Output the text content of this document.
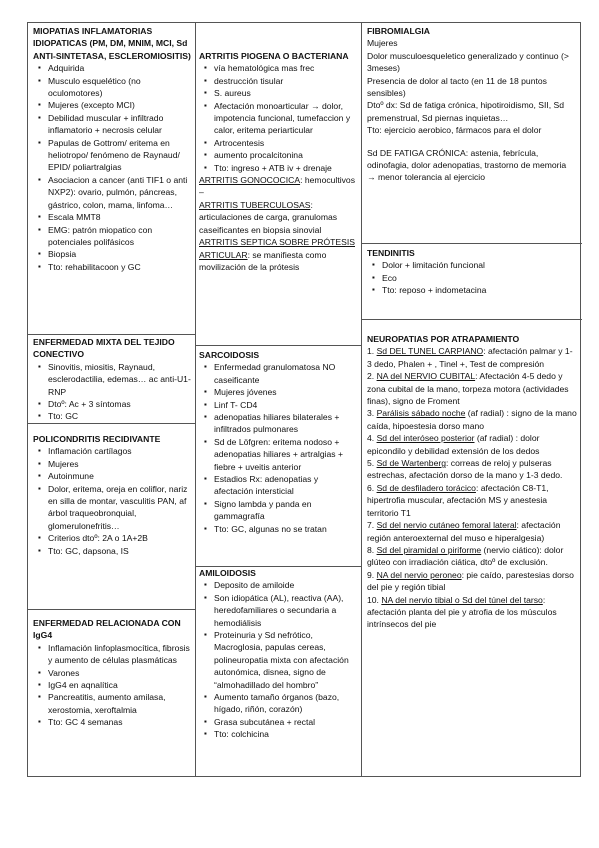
MIOPATIAS INFLAMATORIAS IDIOPATICAS (PM, DM, MNIM, MCI, Sd ANTI-SINTETASA, ESCLEROMIOSITIS)
▪ Adquirida
▪ Musculo esquelético (no oculomotores)
▪ Mujeres (excepto MCI)
▪ Debilidad muscular + infiltrado inflamatorio + necrosis celular
▪ Papulas de Gottrom/ eritema en heliotropo/ fenómeno de Raynaud/ EPID/ poliartralgias
▪ Asociacion a cancer (anti TIF1 o anti NXP2): ovario, pulmón, páncreas, gástrico, colon, mama, linfoma…
▪ Escala MMT8
▪ EMG: patrón miopatico con potenciales polifásicos
▪ Biopsia
▪ Tto: rehabilitacoon y GC
ENFERMEDAD MIXTA DEL TEJIDO CONECTIVO
▪ Sinovitis, miositis, Raynaud, esclerodactilia, edemas… ac anti-U1-RNP
▪ Dtoº: Ac + 3 síntomas
▪ Tto: GC
POLICONDRITIS RECIDIVANTE
▪ Inflamación cartílagos
▪ Mujeres
▪ Autoinmune
▪ Dolor, eritema, oreja en coliflor, nariz en silla de montar, vasculitis PAN, af árbol traqueobronquial, glomerulonefritis…
▪ Criterios dtoº: 2A o 1A+2B
▪ Tto: GC, dapsona, IS
ENFERMEDAD RELACIONADA CON IgG4
▪ Inflamación linfoplasmocítica, fibrosis y aumento de células plasmáticas
▪ Varones
▪ IgG4 en aqnalítica
▪ Pancreatitis, aumento amilasa, xerostomia, xeroftalmia
▪ Tto: GC 4 semanas
ARTRITIS PIOGENA O BACTERIANA
▪ vía hematológica mas frec
▪ destrucción tisular
▪ S. aureus
▪ Afectación monoarticular → dolor, impotencia funcional, tumefaccion y calor, eritema periarticular
▪ Artrocentesis
▪ aumento procalcitonina
▪ Tto: ingreso + ATB iv + drenaje
ARTRITIS GONOCOCICA: hemocultivos –
ARTRITIS TUBERCULOSAS: articulaciones de carga, granulomas caseificantes en biopsia sinovial
ARTRITIS SEPTICA SOBRE PRÓTESIS ARTICULAR: se manifiesta como movilización de la prótesis
SARCOIDOSIS
▪ Enfermedad granulomatosa NO caseificante
▪ Mujeres jóvenes
▪ Linf T- CD4
▪ adenopatias hiliares bilaterales + infiltrados pulmonares
▪ Sd de Löfgren: eritema nodoso + adenopatias hiliares + artralgias + fiebre + uveitis anterior
▪ Estadios Rx: adenopatias y afectación intersticial
▪ Signo lambda y panda en gammagrafía
▪ Tto: GC, algunas no se tratan
AMILOIDOSIS
▪ Deposito de amiloide
▪ Son idiopática (AL), reactiva (AA), heredofamiliares o secundaria a hemodiálisis
▪ Proteinuria y Sd nefrótico, Macroglosia, papulas cereas, polineuropatia mixta con afectación autonómica, disnea, signo de “almohadillado del hombro”
▪ Aumento tamaño órganos (bazo, hígado, riñón, corazón)
▪ Grasa subcutánea + rectal
▪ Tto: colchicina
FIBROMIALGIA
Mujeres
Dolor musculoesqueletico generalizado y continuo (> 3meses)
Presencia de dolor al tacto (en 11 de 18 puntos sensibles)
Dtoº dx: Sd de fatiga crónica, hipotiroidismo, SII, Sd premenstrual, Sd piernas inquietas…
Tto: ejercicio aerobico, fármacos para el dolor
Sd DE FATIGA CRÓNICA: astenia, febrícula, odinofagia, dolor adenopatias, trastorno de memoria → menor tolerancia al ejercicio
TENDINITIS
▪ Dolor + limitación funcional
▪ Eco
▪ Tto: reposo + indometacina
NEUROPATIAS POR ATRAPAMIENTO
1. Sd DEL TUNEL CARPIANO: afectación palmar y 1-3 dedo, Phalen + , Tinel +, Test de compresión
2. NA del NERVIO CUBITAL: Afectación 4-5 dedo y zona cubital de la mano, torpeza motora (actividades finas), signo de Froment
3. Parálisis sábado noche (af radial) : signo de la mano caída, hipoestesia dorso mano
4. Sd del interóseo posterior (af radial) : dolor epicondilo y debilidad extensión de los dedos
5. Sd de Wartenberg: correas de reloj y pulseras estrechas, afectación dorso de la mano y 1-3 dedo.
6. Sd de desfiladero torácico: afectación C8-T1, hipertrofia muscular, afectación MS y anestesia territorio T1
7. Sd del nervio cutáneo femoral lateral: afectación región anteroexternal del muso e hiperalgesia)
8. Sd del piramidal o piriforme (nervio ciático): dolor glúteo con irradiación ciática, dtoº de exclusión.
9. NA del nervio peroneo: pie caído, parestesias dorso del pie y región tibial
10. NA del nervio tibial o Sd del túnel del tarso: afectación planta del pie y atrofia de los músculos intrínsecos del pie
